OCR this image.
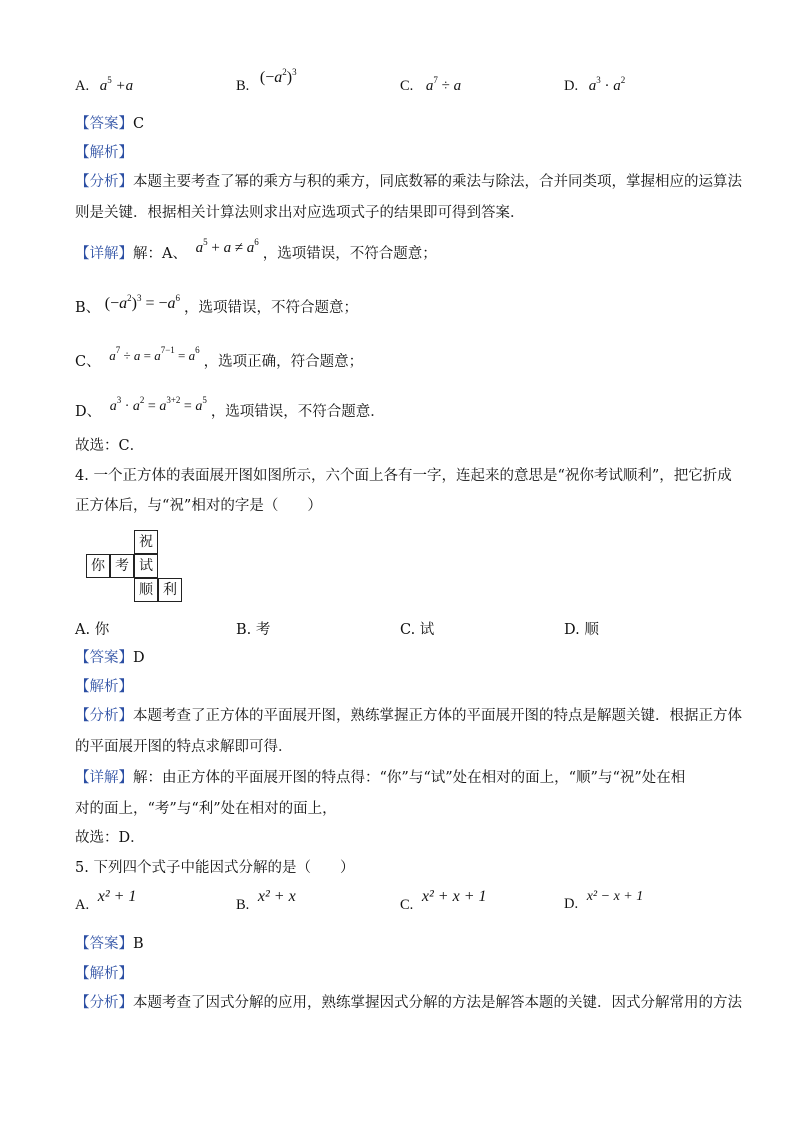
A. $a^5 +a$	B. $(-a^2)^3$
C. $a^7 \div a$	D. $a^3 \cdot a^2$
【答案】C
【解析】
【分析】本题主要考查了幂的乘方与积的乘方，同底数幂的乘法与除法，合并同类项，掌握相应的运算法
则是关键．根据相关计算法则求出对应选项式子的结果即可得到答案．
【详解】解：A、 $a^5 + a \ne a^6$，选项错误，不符合题意；
B、 $(-a^2)^3 = -a^6$，选项错误，不符合题意；
C、 $a^7 \div a = a^{7-1} = a^6$，选项正确，符合题意；
D、 $a^3 \cdot a^2 = a^{3+2} = a^5$，选项错误，不符合题意．
故选：C．
4. 一个正方体的表面展开图如图所示，六个面上各有一字，连起来的意思是“祝你考试顺利”，把它折成
正方体后，与“祝”相对的字是（　　）
祝
你 考 试
顺 利
A. 你	B. 考	C. 试	D. 顺
【答案】D
【解析】
【分析】本题考查了正方体的平面展开图，熟练掌握正方体的平面展开图的特点是解题关键．根据正方体
的平面展开图的特点求解即可得．
【详解】解：由正方体的平面展开图的特点得：“你”与“试”处在相对的面上，“顺”与“祝”处在相
对的面上，“考”与“利”处在相对的面上，
故选：D．
5. 下列四个式子中能因式分解的是（　　）
A. x² + 1	B. x² + x	C. x² + x + 1	D. x² − x + 1
【答案】B
【解析】
【分析】本题考查了因式分解的应用，熟练掌握因式分解的方法是解答本题的关键．因式分解常用的方法
